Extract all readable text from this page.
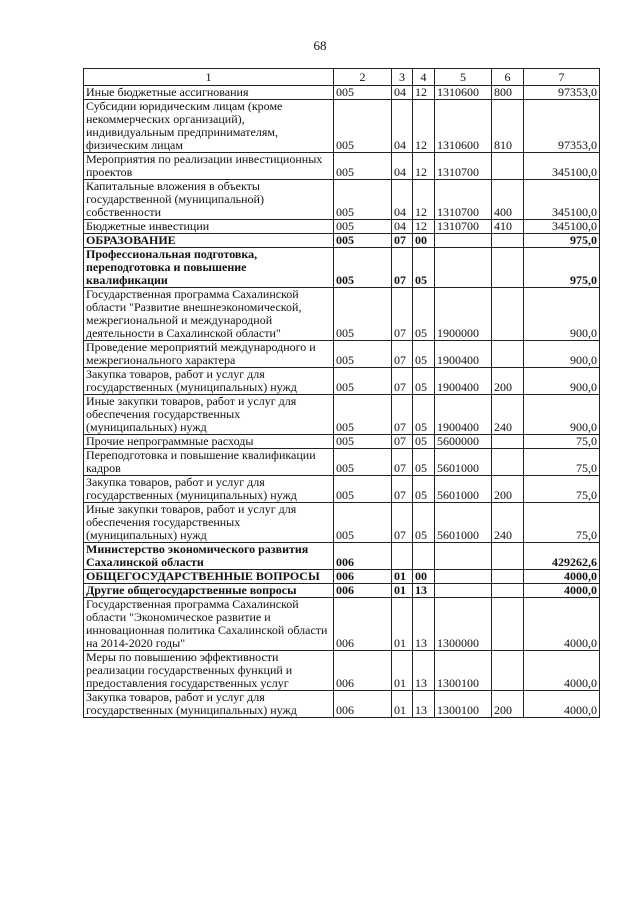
68
1	2	3	4	5	6	7
Иные бюджетные ассигнования	005	04	12	1310600	800	97353,0
Субсидии юридическим лицам (кроме некоммерческих организаций), индивидуальным предпринимателям, физическим лицам	005	04	12	1310600	810	97353,0
Мероприятия по реализации инвестиционных проектов	005	04	12	1310700		345100,0
Капитальные вложения в объекты государственной (муниципальной) собственности	005	04	12	1310700	400	345100,0
Бюджетные инвестиции	005	04	12	1310700	410	345100,0
ОБРАЗОВАНИЕ	005	07	00			975,0
Профессиональная подготовка, переподготовка и повышение квалификации	005	07	05			975,0
Государственная программа Сахалинской области "Развитие внешнеэкономической, межрегиональной и международной деятельности в Сахалинской области"	005	07	05	1900000		900,0
Проведение мероприятий международного и межрегионального характера	005	07	05	1900400		900,0
Закупка товаров, работ и услуг для государственных (муниципальных) нужд	005	07	05	1900400	200	900,0
Иные закупки товаров, работ и услуг для обеспечения государственных (муниципальных) нужд	005	07	05	1900400	240	900,0
Прочие непрограммные расходы	005	07	05	5600000		75,0
Переподготовка и повышение квалификации кадров	005	07	05	5601000		75,0
Закупка товаров, работ и услуг для государственных (муниципальных) нужд	005	07	05	5601000	200	75,0
Иные закупки товаров, работ и услуг для обеспечения государственных (муниципальных) нужд	005	07	05	5601000	240	75,0
Министерство экономического развития Сахалинской области	006					429262,6
ОБЩЕГОСУДАРСТВЕННЫЕ ВОПРОСЫ	006	01	00			4000,0
Другие общегосударственные вопросы	006	01	13			4000,0
Государственная программа Сахалинской области "Экономическое развитие и инновационная политика Сахалинской области на 2014-2020 годы"	006	01	13	1300000		4000,0
Меры по повышению эффективности реализации государственных функций и предоставления государственных услуг	006	01	13	1300100		4000,0
Закупка товаров, работ и услуг для государственных (муниципальных) нужд	006	01	13	1300100	200	4000,0
